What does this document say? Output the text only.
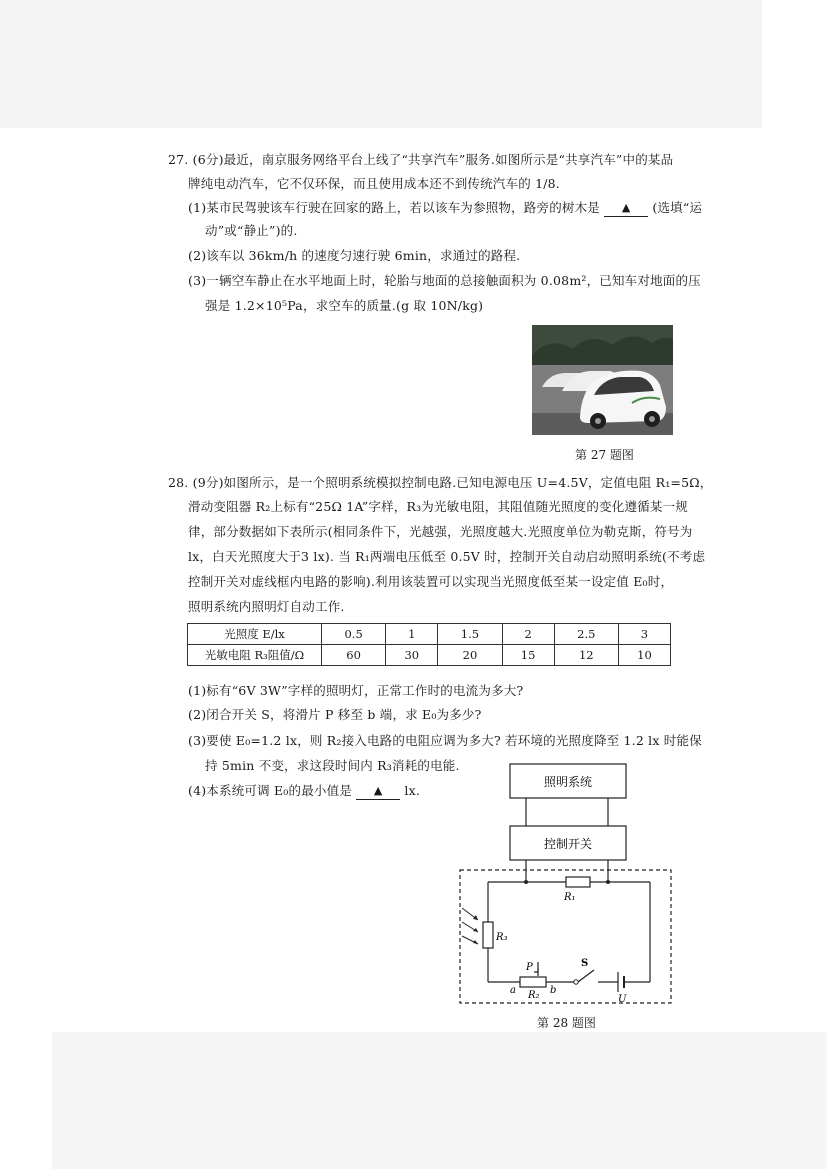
27. (6分)最近，南京服务网络平台上线了“共享汽车”服务.如图所示是“共享汽车”中的某品
牌纯电动汽车，它不仅环保，而且使用成本还不到传统汽车的 1/8.
(1)某市民驾驶该车行驶在回家的路上，若以该车为参照物，路旁的树木是 ▲ (选填“运
动”或“静止”)的.
(2)该车以 36km/h 的速度匀速行驶 6min，求通过的路程.
(3)一辆空车静止在水平地面上时，轮胎与地面的总接触面积为 0.08m²，已知车对地面的压
强是 1.2×10⁵Pa，求空车的质量.(g 取 10N/kg)
第 27 题图
28. (9分)如图所示，是一个照明系统模拟控制电路.已知电源电压 U=4.5V，定值电阻 R₁=5Ω，
滑动变阻器 R₂上标有“25Ω 1A”字样，R₃为光敏电阻，其阻值随光照度的变化遵循某一规
律，部分数据如下表所示(相同条件下，光越强，光照度越大.光照度单位为勒克斯，符号为
lx，白天光照度大于3 lx). 当 R₁两端电压低至 0.5V 时，控制开关自动启动照明系统(不考虑
控制开关对虚线框内电路的影响).利用该装置可以实现当光照度低至某一设定值 E₀时，
照明系统内照明灯自动工作.
光照度 E/lx	0.5	1	1.5	2	2.5	3
光敏电阻 R₃阻值/Ω	60	30	20	15	12	10
(1)标有“6V 3W”字样的照明灯，正常工作时的电流为多大?
(2)闭合开关 S，将滑片 P 移至 b 端，求 E₀为多少?
(3)要使 E₀=1.2 lx，则 R₂接入电路的电阻应调为多大? 若环境的光照度降至 1.2 lx 时能保
持 5min 不变，求这段时间内 R₃消耗的电能.
(4)本系统可调 E₀的最小值是 ▲ lx.
照明系统
控制开关
R₁
R₃
P	S
a R₂ b
U
第 28 题图
